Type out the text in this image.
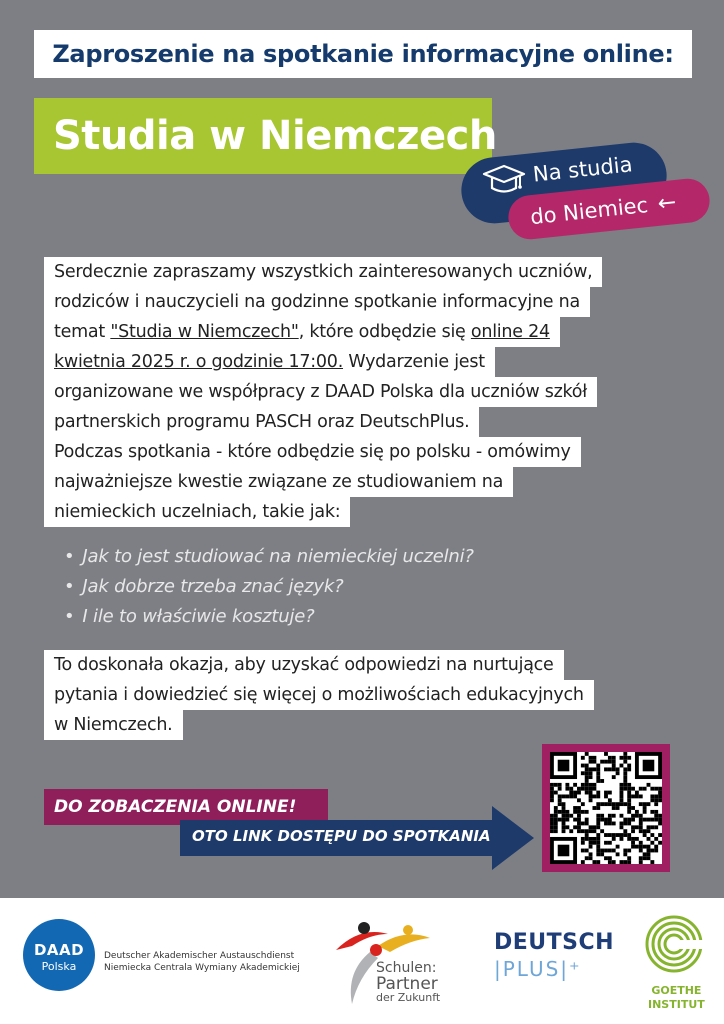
Zaproszenie na spotkanie informacyjne online:
Studia w Niemczech
Na studia
do Niemiec ←
Serdecznie zapraszamy wszystkich zainteresowanych uczniów,
rodziców i nauczycieli na godzinne spotkanie informacyjne na
temat "Studia w Niemczech", które odbędzie się online 24
kwietnia 2025 r. o godzinie 17:00. Wydarzenie jest
organizowane we współpracy z DAAD Polska dla uczniów szkół
partnerskich programu PASCH oraz DeutschPlus.
Podczas spotkania - które odbędzie się po polsku - omówimy
najważniejsze kwestie związane ze studiowaniem na
niemieckich uczelniach, takie jak:
• Jak to jest studiować na niemieckiej uczelni?
• Jak dobrze trzeba znać język?
• I ile to właściwie kosztuje?
To doskonała okazja, aby uzyskać odpowiedzi na nurtujące
pytania i dowiedzieć się więcej o możliwościach edukacyjnych
w Niemczech.
DO ZOBACZENIA ONLINE!
OTO LINK DOSTĘPU DO SPOTKANIA
DAAD
Polska
Deutscher Akademischer Austauschdienst
Niemiecka Centrala Wymiany Akademickiej	Schulen:
Partner
der Zukunft
DEUTSCH
|PLUS|⁺
GOETHE
INSTITUT
